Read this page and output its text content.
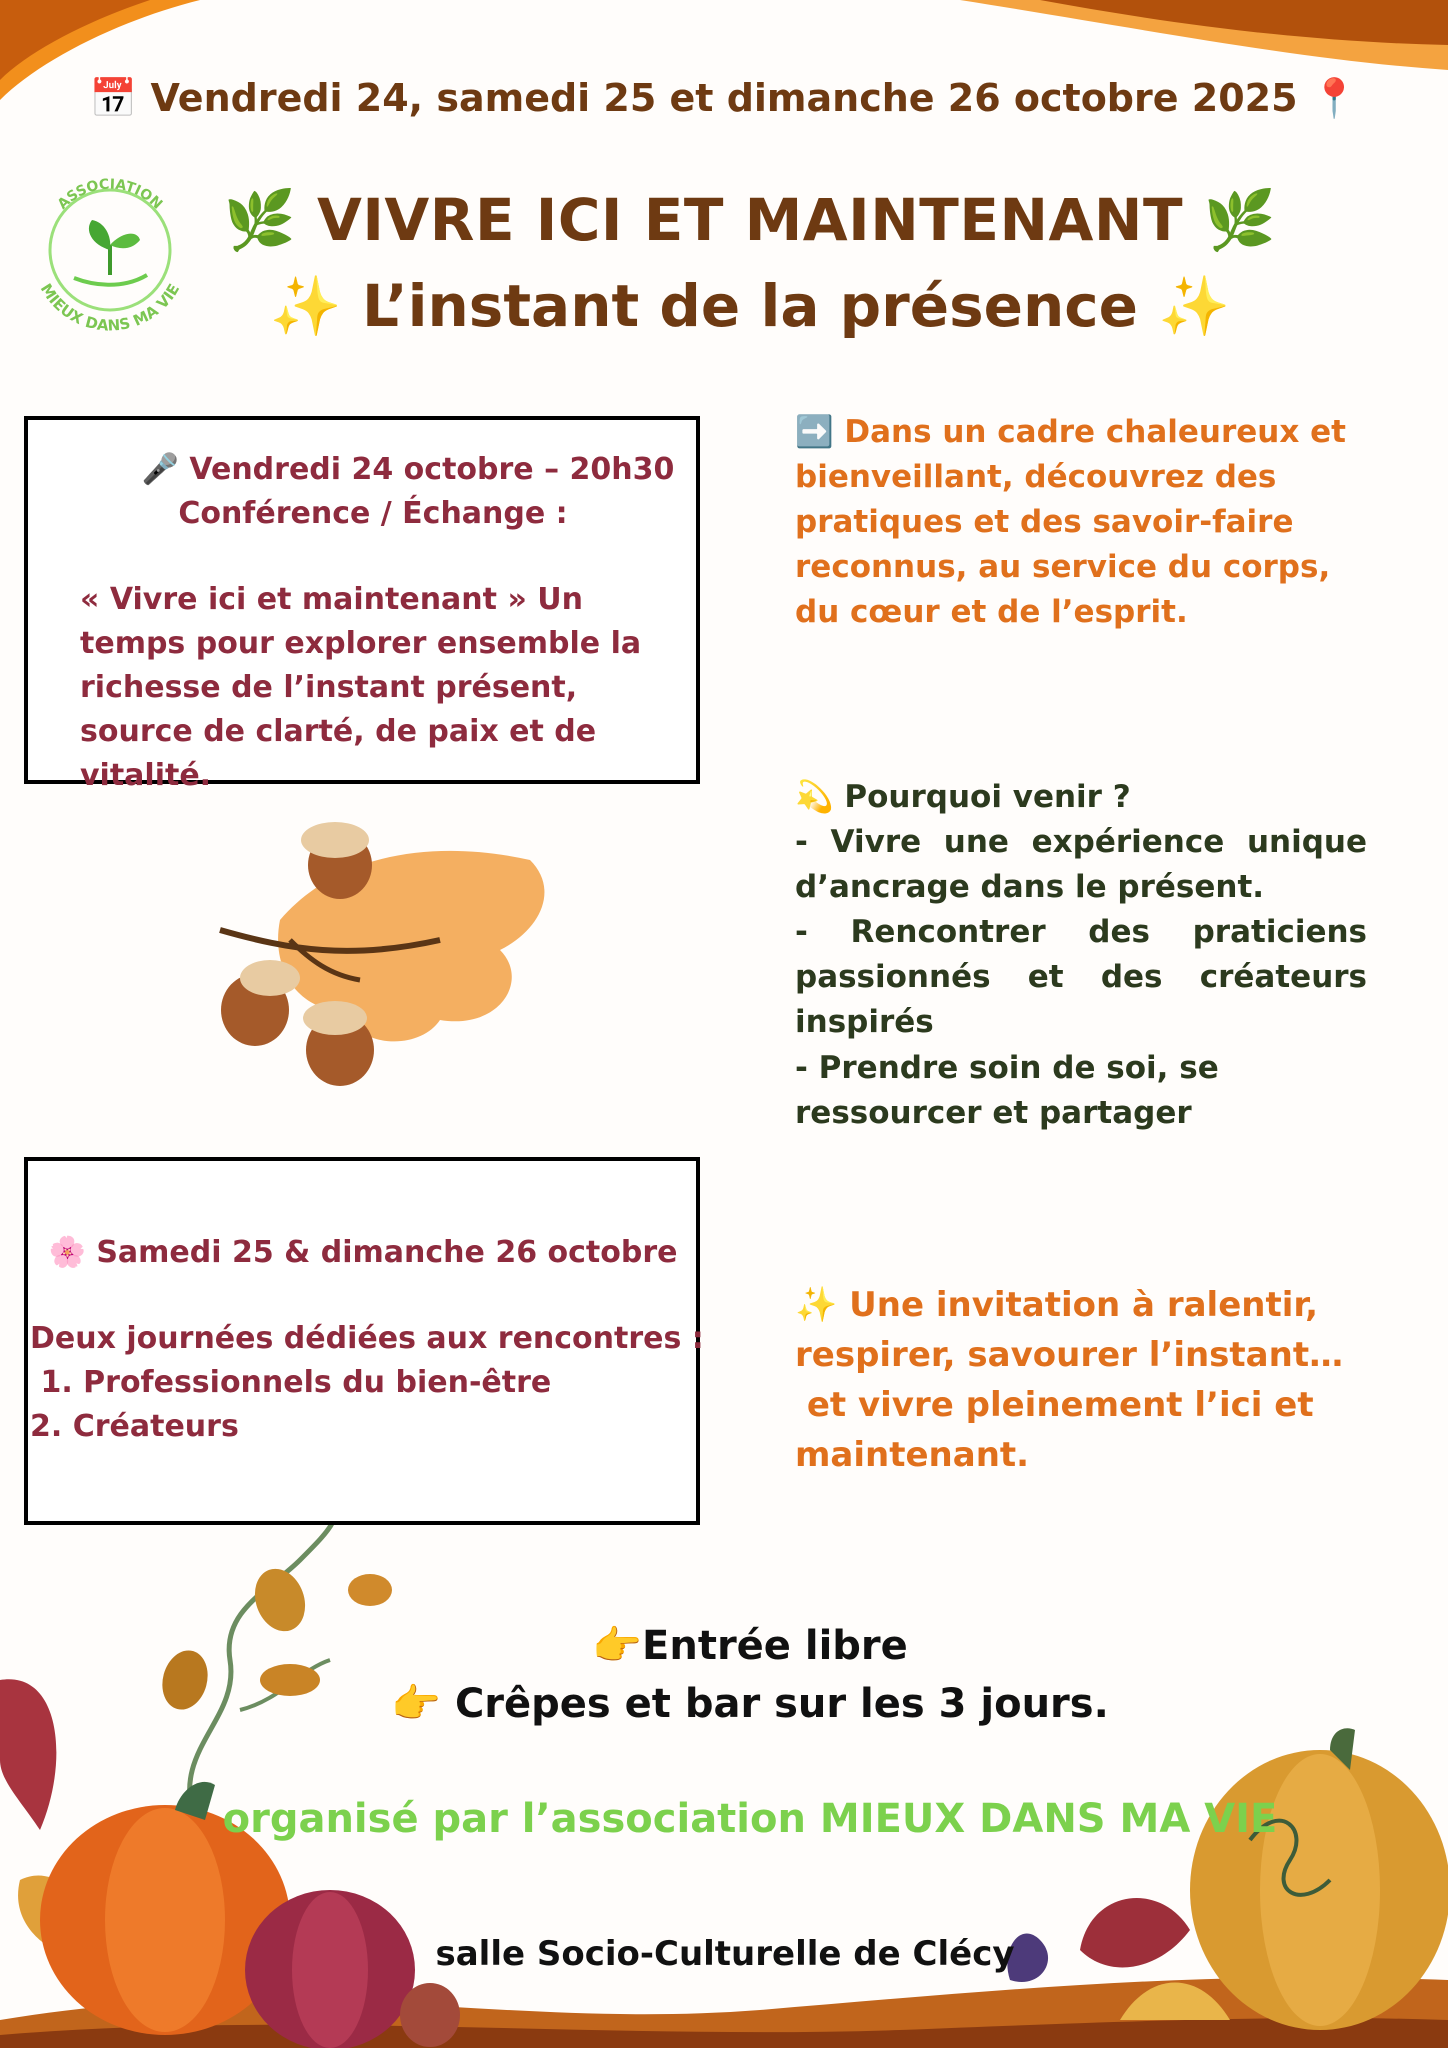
📅 Vendredi 24, samedi 25 et dimanche 26 octobre 2025 📍
ASSOCIATION
MIEUX DANS MA VIE
🌿 VIVRE ICI ET MAINTENANT 🌿
✨ L’instant de la présence ✨
🎤 Vendredi 24 octobre – 20h30
Conférence / Échange :
« Vivre ici et maintenant » Un temps pour explorer ensemble la richesse de l’instant présent, source de clarté, de paix et de vitalité.
🌸 Samedi 25 & dimanche 26 octobre
Deux journées dédiées aux rencontres :
1. Professionnels du bien-être
2. Créateurs
➡️ Dans un cadre chaleureux et bienveillant, découvrez des pratiques et des savoir-faire reconnus, au service du corps, du cœur et de l’esprit.
💫 Pourquoi venir ?
- Vivre une expérience unique d’ancrage dans le présent.
- Rencontrer des praticiens passionnés et des créateurs inspirés
- Prendre soin de soi, se ressourcer et partager
✨ Une invitation à ralentir,
respirer, savourer l’instant…
et vivre pleinement l’ici et
maintenant.
👉Entrée libre
👉 Crêpes et bar sur les 3 jours.
organisé par l’association MIEUX DANS MA VIE
salle Socio-Culturelle de Clécy
